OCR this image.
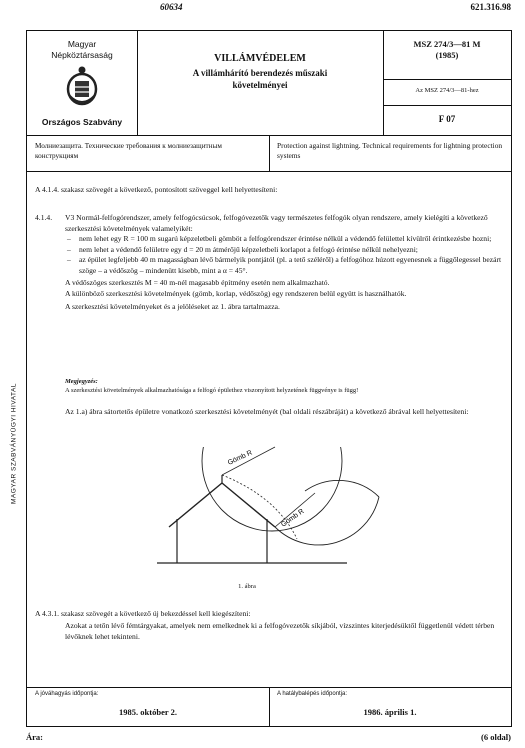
60634	621.316.98
MAGYAR SZABVÁNYÜGYI HIVATAL
Magyar
Népköztársaság
Országos Szabvány
VILLÁMVÉDELEM
A villámhárító berendezés műszaki
követelményei
MSZ 274/3—81 M
(1985)
Az MSZ 274/3—81-hez
F 07
Молниезащита. Технические требования к молниезащитным конструкциям
Protection against lightning. Technical requirements for lightning protection systems
A 4.1.4. szakasz szövegét a következő, pontosított szöveggel kell helyettesíteni:
4.1.4.	V3 Normál-felfogórendszer, amely felfogócsúcsok, felfogóvezetők vagy természetes felfogók olyan rendszere, amely kielégíti a következő szerkesztési követelmények valamelyikét:
– nem lehet egy R = 100 m sugarú képzeletbeli gömböt a felfogórendszer érintése nélkül a védendő felülettel kívülről érintkezésbe hozni;
– nem lehet a védendő felületre egy d = 20 m átmérőjű képzeletbeli korlapot a felfogó érintése nélkül nehelyezni;
– az épület legfeljebb 40 m magasságban lévő bármelyik pontjától (pl. a tető széléről) a felfogóhoz húzott egyenesnek a függőlegessel bezárt szöge – a védőszög – mindenütt kisebb, mint a α = 45°.
A védőszöges szerkesztés M = 40 m-nél magasabb építmény esetén nem alkalmazható.
A különböző szerkesztési követelmények (gömb, korlap, védőszög) egy rendszeren belül együtt is használhatók.
A szerkesztési követelményeket és a jelöléseket az 1. ábra tartalmazza.
Megjegyzés:
A szerkesztési követelmények alkalmazhatósága a felfogó épülethez viszonyított helyzetének függvénye is függ!
Az 1.a) ábra sátortetős épületre vonatkozó szerkesztési követelményét (bal oldali részábráját) a következő ábrával kell helyettesíteni:
Gömb R
Gömb R
1. ábra
A 4.3.1. szakasz szövegét a következő új bekezdéssel kell kiegészíteni:
Azokat a tetőn lévő fémtárgyakat, amelyek nem emelkednek ki a felfogóvezetők síkjából, vízszintes kiterjedésüktől függetlenül védett térben lévőknek lehet tekinteni.
A jóváhagyás időpontja:
1985. október 2.
A hatálybalépés időpontja:
1986. április 1.
Ára:	(6 oldal)
